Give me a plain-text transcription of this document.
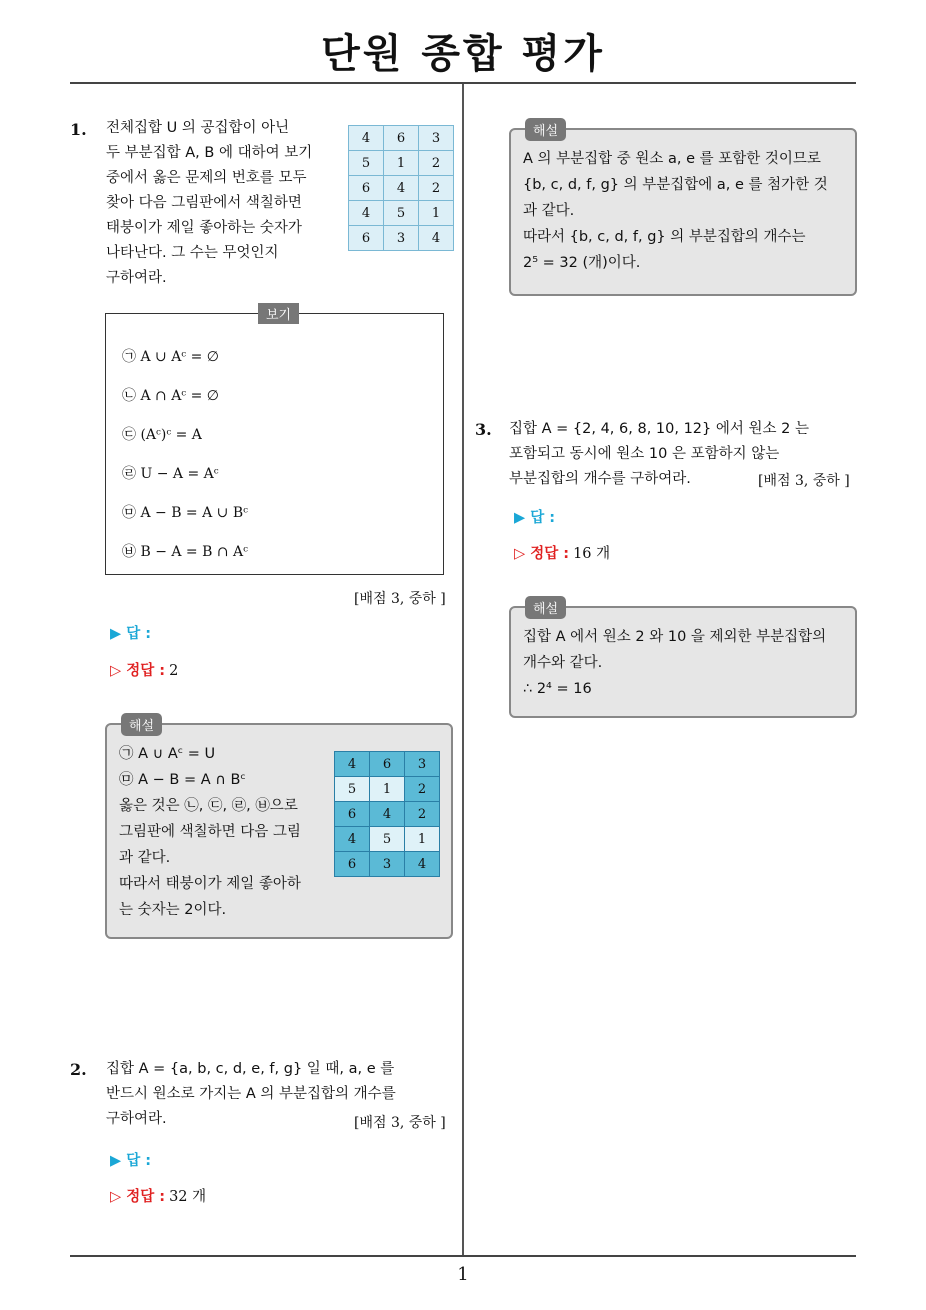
단원 종합 평가
1. 전체집합 U 의 공집합이 아닌
두 부분집합 A, B 에 대하여 보기
중에서 옳은 문제의 번호를 모두
찾아 다음 그림판에서 색칠하면
태붕이가 제일 좋아하는 숫자가
나타난다. 그 수는 무엇인지
구하여라.
4	6	3
5	1	2
6	4	2
4	5	1
6	3	4
보기
㉠ A ∪ Aᶜ = ∅
㉡ A ∩ Aᶜ = ∅
㉢ (Aᶜ)ᶜ = A
㉣ U − A = Aᶜ
㉤ A − B = A ∪ Bᶜ
㉥ B − A = B ∩ Aᶜ
[배점 3, 중하 ]
▶ 답 :
▷ 정답 : 2
해설
㉠ A ∪ Aᶜ = U
㉤ A − B = A ∩ Bᶜ
옳은 것은 ㉡, ㉢, ㉣, ㉥으로
그림판에 색칠하면 다음 그림
과 같다.
따라서 태붕이가 제일 좋아하
는 숫자는 2이다.
4	6	3
5	1	2
6	4	2
4	5	1
6	3	4
2. 집합 A = {a, b, c, d, e, f, g} 일 때, a, e 를
반드시 원소로 가지는 A 의 부분집합의 개수를
구하여라.	[배점 3, 중하 ]
▶ 답 :
▷ 정답 : 32 개
해설
A 의 부분집합 중 원소 a, e 를 포함한 것이므로
{b, c, d, f, g} 의 부분집합에 a, e 를 첨가한 것
과 같다.
따라서 {b, c, d, f, g} 의 부분집합의 개수는
2⁵ = 32 (개)이다.
3. 집합 A = {2, 4, 6, 8, 10, 12} 에서 원소 2 는
포함되고 동시에 원소 10 은 포함하지 않는
부분집합의 개수를 구하여라.	[배점 3, 중하 ]
▶ 답 :
▷ 정답 : 16 개
해설
집합 A 에서 원소 2 와 10 을 제외한 부분집합의
개수와 같다.
∴ 2⁴ = 16
1
